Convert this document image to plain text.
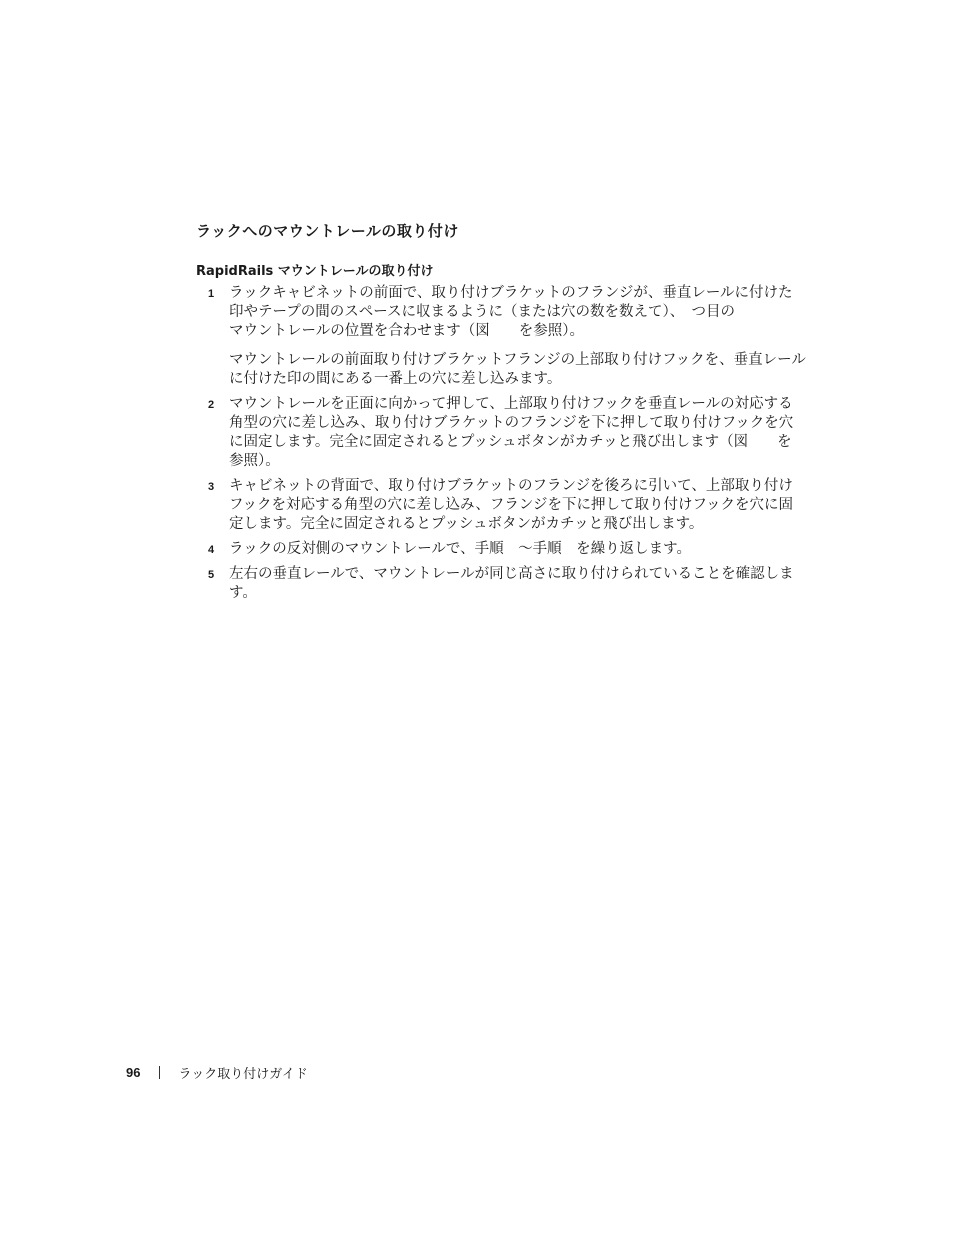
ラックへのマウントレールの取り付け
RapidRails マウントレールの取り付け
1 ラックキャビネットの前面で、取り付けブラケットのフランジが、垂直レールに付けた印やテープの間のスペースに収まるように（または穴の数を数えて）、　つ目の　　　　　　マウントレールの位置を合わせます（図　　を参照）。

マウントレールの前面取り付けブラケットフランジの上部取り付けフックを、垂直レールに付けた印の間にある一番上の穴に差し込みます。

2 マウントレールを正面に向かって押して、上部取り付けフックを垂直レールの対応する角型の穴に差し込み、取り付けブラケットのフランジを下に押して取り付けフックを穴に固定します。完全に固定されるとプッシュボタンがカチッと飛び出します（図　　を参照）。

3 キャビネットの背面で、取り付けブラケットのフランジを後ろに引いて、上部取り付けフックを対応する角型の穴に差し込み、フランジを下に押して取り付けフックを穴に固定します。完全に固定されるとプッシュボタンがカチッと飛び出します。

4 ラックの反対側のマウントレールで、手順　～手順　を繰り返します。

5 左右の垂直レールで、マウントレールが同じ高さに取り付けられていることを確認します。

96	ラック取り付けガイド
